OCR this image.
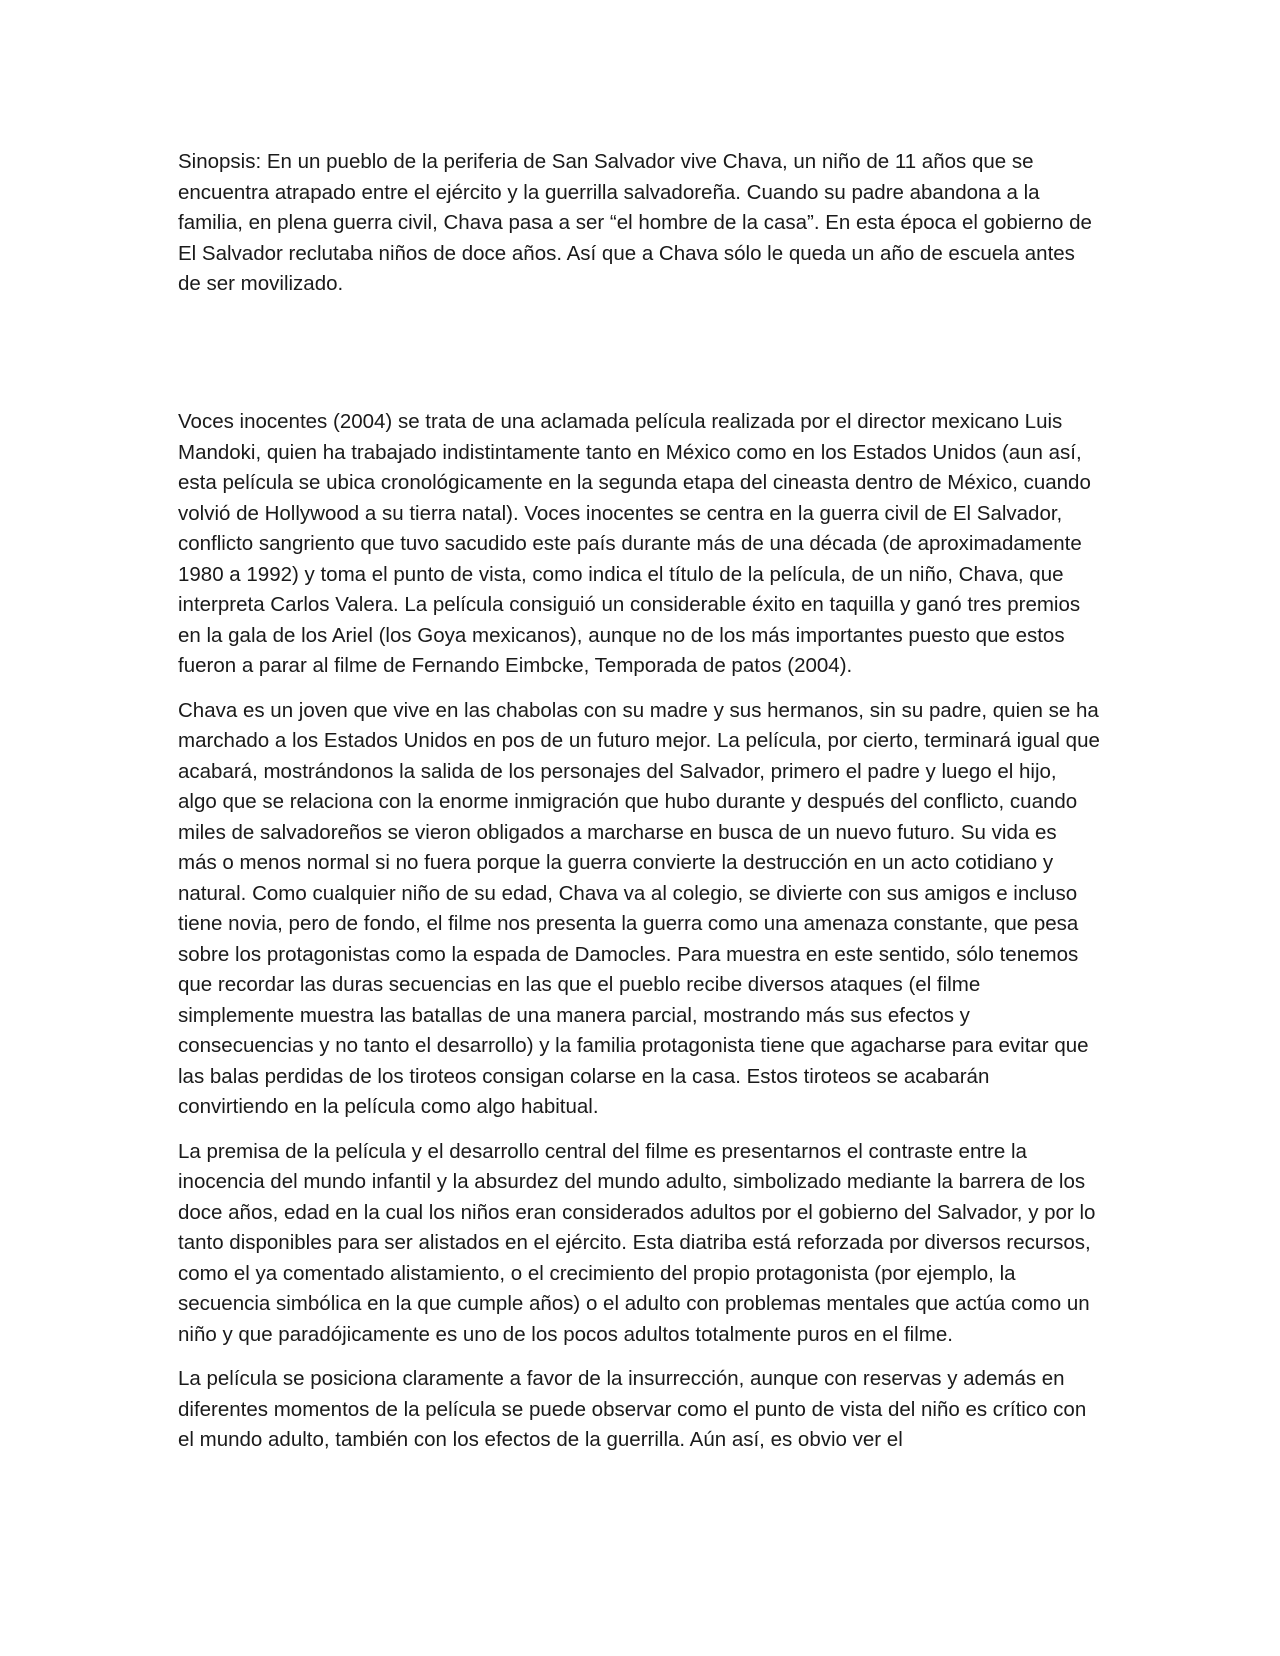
Sinopsis: En un pueblo de la periferia de San Salvador vive Chava, un niño de 11 años que se encuentra atrapado entre el ejército y la guerrilla salvadoreña. Cuando su padre abandona a la familia, en plena guerra civil, Chava pasa a ser “el hombre de la casa”. En esta época el gobierno de El Salvador reclutaba niños de doce años. Así que a Chava sólo le queda un año de escuela antes de ser movilizado.

Voces inocentes (2004) se trata de una aclamada película realizada por el director mexicano Luis Mandoki, quien ha trabajado indistintamente tanto en México como en los Estados Unidos (aun así, esta película se ubica cronológicamente en la segunda etapa del cineasta dentro de México, cuando volvió de Hollywood a su tierra natal). Voces inocentes se centra en la guerra civil de El Salvador, conflicto sangriento que tuvo sacudido este país durante más de una década (de aproximadamente 1980 a 1992) y toma el punto de vista, como indica el título de la película, de un niño, Chava, que interpreta Carlos Valera. La película consiguió un considerable éxito en taquilla y ganó tres premios en la gala de los Ariel (los Goya mexicanos), aunque no de los más importantes puesto que estos fueron a parar al filme de Fernando Eimbcke, Temporada de patos (2004).

Chava es un joven que vive en las chabolas con su madre y sus hermanos, sin su padre, quien se ha marchado a los Estados Unidos en pos de un futuro mejor. La película, por cierto, terminará igual que acabará, mostrándonos la salida de los personajes del Salvador, primero el padre y luego el hijo, algo que se relaciona con la enorme inmigración que hubo durante y después del conflicto, cuando miles de salvadoreños se vieron obligados a marcharse en busca de un nuevo futuro. Su vida es más o menos normal si no fuera porque la guerra convierte la destrucción en un acto cotidiano y natural. Como cualquier niño de su edad, Chava va al colegio, se divierte con sus amigos e incluso tiene novia, pero de fondo, el filme nos presenta la guerra como una amenaza constante, que pesa sobre los protagonistas como la espada de Damocles. Para muestra en este sentido, sólo tenemos que recordar las duras secuencias en las que el pueblo recibe diversos ataques (el filme simplemente muestra las batallas de una manera parcial, mostrando más sus efectos y consecuencias y no tanto el desarrollo) y la familia protagonista tiene que agacharse para evitar que las balas perdidas de los tiroteos consigan colarse en la casa. Estos tiroteos se acabarán convirtiendo en la película como algo habitual.

La premisa de la película y el desarrollo central del filme es presentarnos el contraste entre la inocencia del mundo infantil y la absurdez del mundo adulto, simbolizado mediante la barrera de los doce años, edad en la cual los niños eran considerados adultos por el gobierno del Salvador, y por lo tanto disponibles para ser alistados en el ejército. Esta diatriba está reforzada por diversos recursos, como el ya comentado alistamiento, o el crecimiento del propio protagonista (por ejemplo, la secuencia simbólica en la que cumple años) o el adulto con problemas mentales que actúa como un niño y que paradójicamente es uno de los pocos adultos totalmente puros en el filme.

La película se posiciona claramente a favor de la insurrección, aunque con reservas y además en diferentes momentos de la película se puede observar como el punto de vista del niño es crítico con el mundo adulto, también con los efectos de la guerrilla. Aún así, es obvio ver el
